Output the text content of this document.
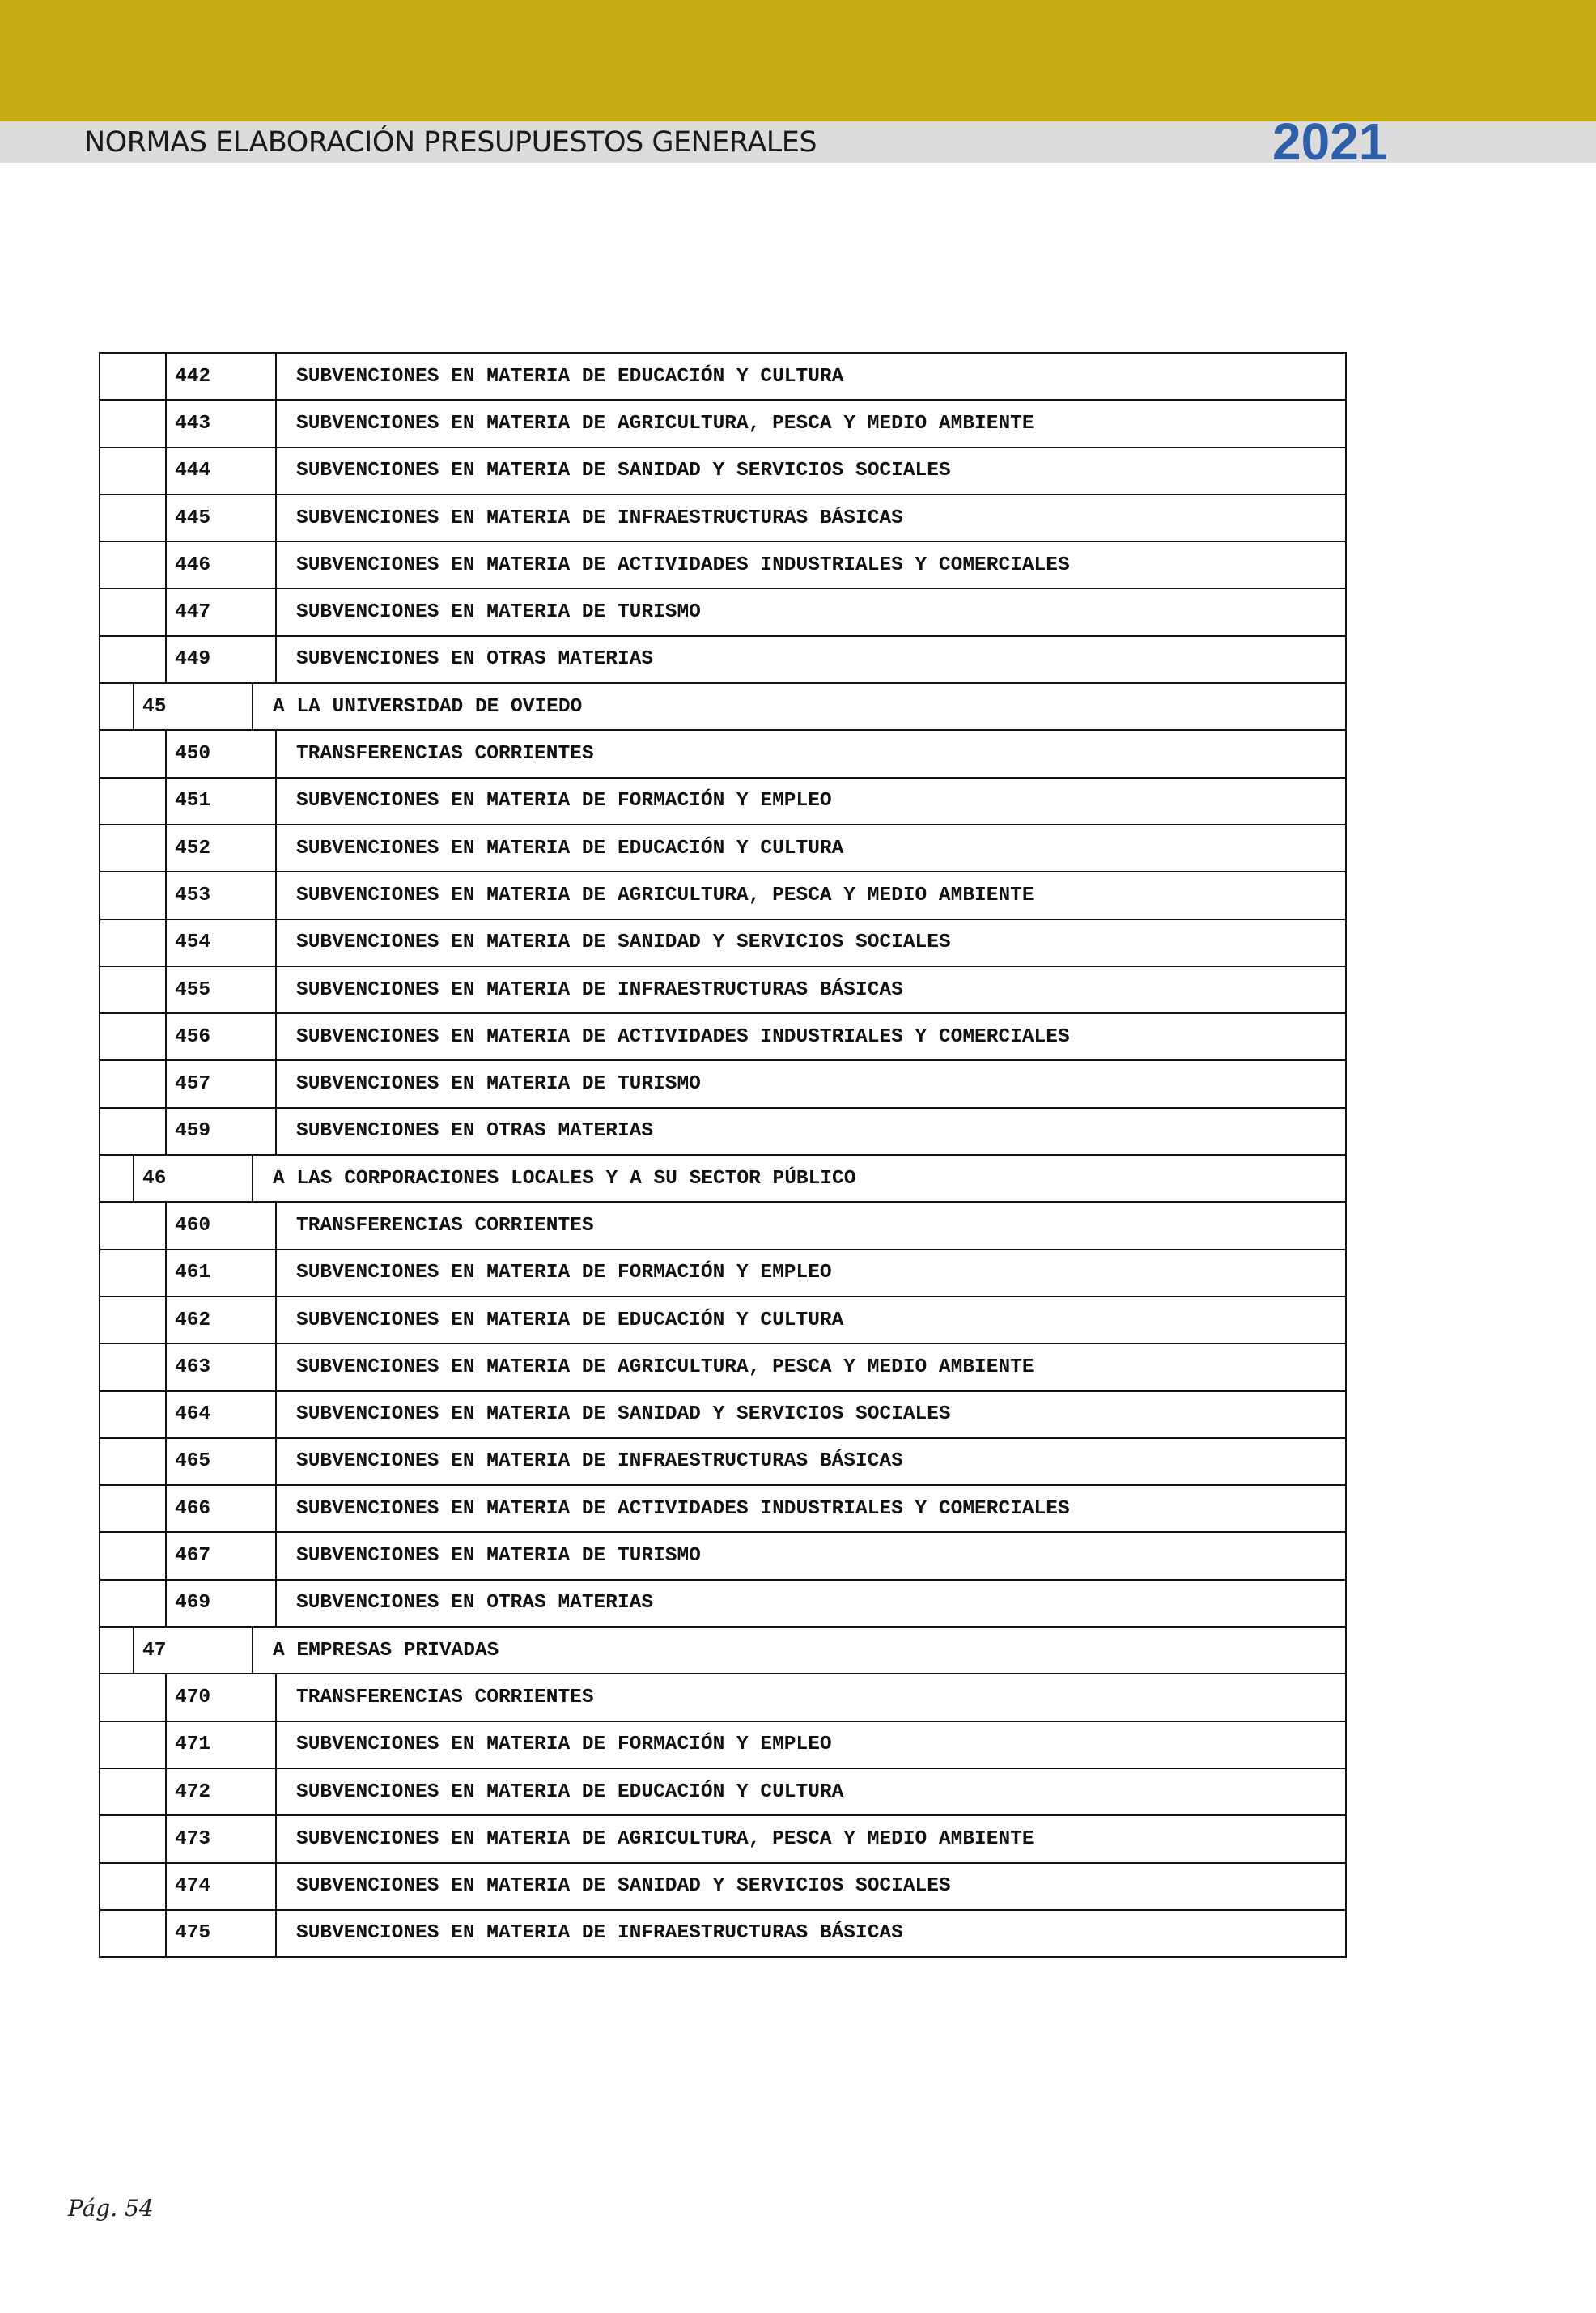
NORMAS ELABORACIÓN PRESUPUESTOS GENERALES	2021
442	SUBVENCIONES EN MATERIA DE EDUCACIÓN Y CULTURA
443	SUBVENCIONES EN MATERIA DE AGRICULTURA, PESCA Y MEDIO AMBIENTE
444	SUBVENCIONES EN MATERIA DE SANIDAD Y SERVICIOS SOCIALES
445	SUBVENCIONES EN MATERIA DE INFRAESTRUCTURAS BÁSICAS
446	SUBVENCIONES EN MATERIA DE ACTIVIDADES INDUSTRIALES Y COMERCIALES
447	SUBVENCIONES EN MATERIA DE TURISMO
449	SUBVENCIONES EN OTRAS MATERIAS
45	A LA UNIVERSIDAD DE OVIEDO
450	TRANSFERENCIAS CORRIENTES
451	SUBVENCIONES EN MATERIA DE FORMACIÓN Y EMPLEO
452	SUBVENCIONES EN MATERIA DE EDUCACIÓN Y CULTURA
453	SUBVENCIONES EN MATERIA DE AGRICULTURA, PESCA Y MEDIO AMBIENTE
454	SUBVENCIONES EN MATERIA DE SANIDAD Y SERVICIOS SOCIALES
455	SUBVENCIONES EN MATERIA DE INFRAESTRUCTURAS BÁSICAS
456	SUBVENCIONES EN MATERIA DE ACTIVIDADES INDUSTRIALES Y COMERCIALES
457	SUBVENCIONES EN MATERIA DE TURISMO
459	SUBVENCIONES EN OTRAS MATERIAS
46	A LAS CORPORACIONES LOCALES Y A SU SECTOR PÚBLICO
460	TRANSFERENCIAS CORRIENTES
461	SUBVENCIONES EN MATERIA DE FORMACIÓN Y EMPLEO
462	SUBVENCIONES EN MATERIA DE EDUCACIÓN Y CULTURA
463	SUBVENCIONES EN MATERIA DE AGRICULTURA, PESCA Y MEDIO AMBIENTE
464	SUBVENCIONES EN MATERIA DE SANIDAD Y SERVICIOS SOCIALES
465	SUBVENCIONES EN MATERIA DE INFRAESTRUCTURAS BÁSICAS
466	SUBVENCIONES EN MATERIA DE ACTIVIDADES INDUSTRIALES Y COMERCIALES
467	SUBVENCIONES EN MATERIA DE TURISMO
469	SUBVENCIONES EN OTRAS MATERIAS
47	A EMPRESAS PRIVADAS
470	TRANSFERENCIAS CORRIENTES
471	SUBVENCIONES EN MATERIA DE FORMACIÓN Y EMPLEO
472	SUBVENCIONES EN MATERIA DE EDUCACIÓN Y CULTURA
473	SUBVENCIONES EN MATERIA DE AGRICULTURA, PESCA Y MEDIO AMBIENTE
474	SUBVENCIONES EN MATERIA DE SANIDAD Y SERVICIOS SOCIALES
475	SUBVENCIONES EN MATERIA DE INFRAESTRUCTURAS BÁSICAS
Pág. 54
